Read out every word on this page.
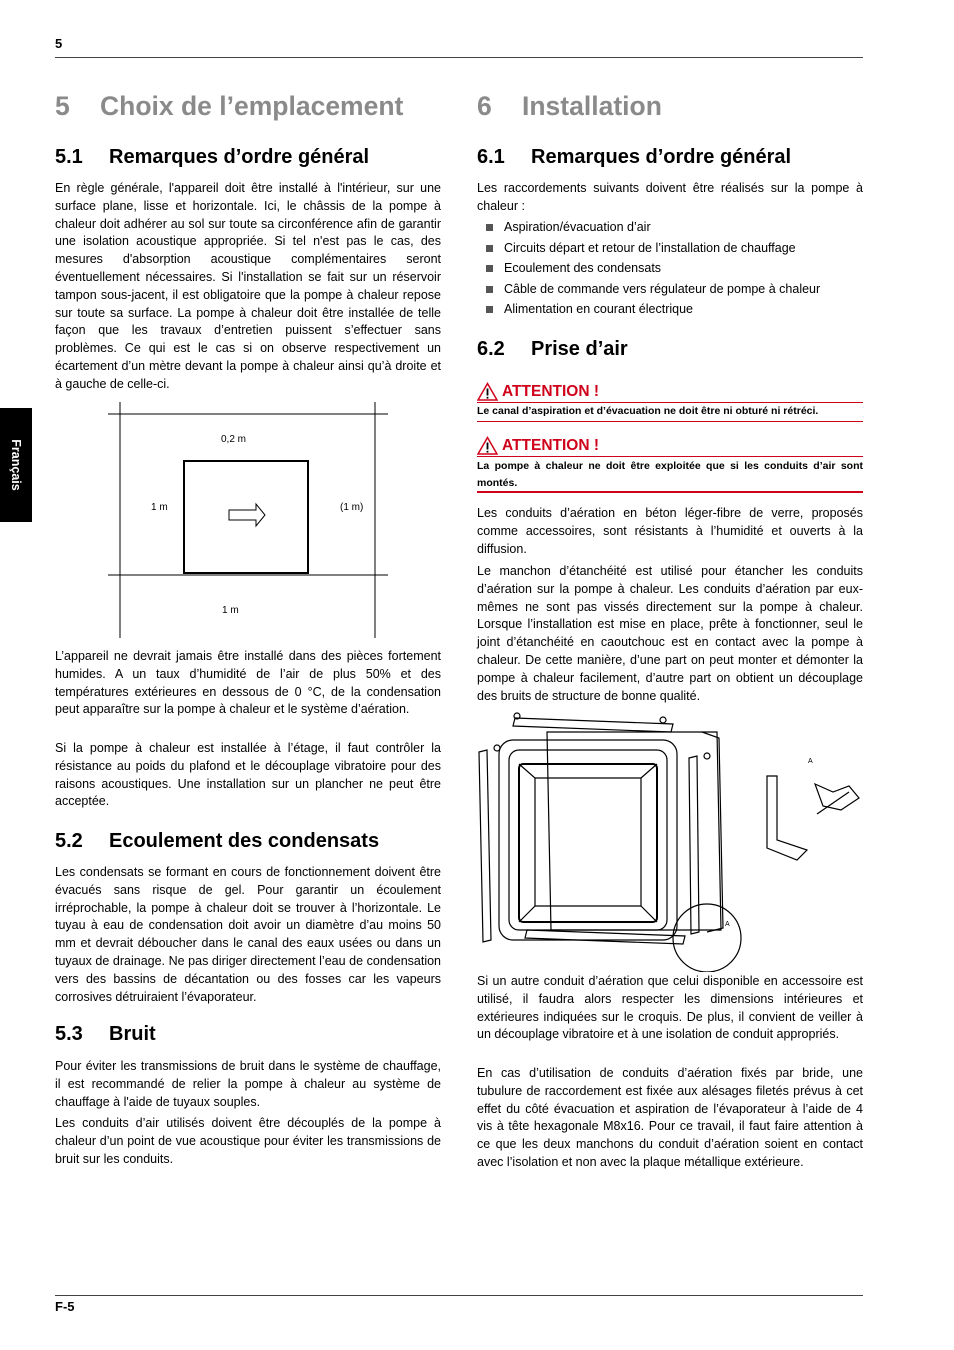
5
Français
F-5
5 Choix de l’emplacement
5.1 Remarques d’ordre général

En règle générale, l'appareil doit être installé à l'intérieur, sur une surface plane, lisse et horizontale. Ici, le châssis de la pompe à chaleur doit adhérer au sol sur toute sa circonférence afin de garantir une isolation acoustique appropriée. Si tel n'est pas le cas, des mesures d'absorption acoustique complémentaires seront éventuellement nécessaires. Si l'installation se fait sur un réservoir tampon sous-jacent, il est obligatoire que la pompe à chaleur repose sur toute sa surface. La pompe à chaleur doit être installée de telle façon que les travaux d’entretien puissent s’effectuer sans problèmes. Ce qui est le cas si on observe respectivement un écartement d’un mètre devant la pompe à chaleur ainsi qu’à droite et à gauche de celle-ci.

0,2 m
1 m	(1 m)
1 m

L’appareil ne devrait jamais être installé dans des pièces fortement humides. A un taux d’humidité de l’air de plus 50% et des températures extérieures en dessous de 0 °C, de la condensation peut apparaître sur la pompe à chaleur et le système d’aération.

Si la pompe à chaleur est installée à l’étage, il faut contrôler la résistance au poids du plafond et le découplage vibratoire pour des raisons acoustiques. Une installation sur un plancher ne peut être acceptée.

5.2 Ecoulement des condensats

Les condensats se formant en cours de fonctionnement doivent être évacués sans risque de gel. Pour garantir un écoulement irréprochable, la pompe à chaleur doit se trouver à l’horizontale. Le tuyau à eau de condensation doit avoir un diamètre d’au moins 50 mm et devrait déboucher dans le canal des eaux usées ou dans un tuyaux de drainage. Ne pas diriger directement l’eau de condensation vers des bassins de décantation ou des fosses car les vapeurs corrosives détruiraient l’évaporateur.

5.3 Bruit

Pour éviter les transmissions de bruit dans le système de chauffage, il est recommandé de relier la pompe à chaleur au système de chauffage à l'aide de tuyaux souples.

Les conduits d’air utilisés doivent être découplés de la pompe à chaleur d’un point de vue acoustique pour éviter les transmissions de bruit sur les conduits.

6 Installation
6.1 Remarques d’ordre général

Les raccordements suivants doivent être réalisés sur la pompe à chaleur :

Aspiration/évacuation d’air
Circuits départ et retour de l’installation de chauffage
Ecoulement des condensats
Câble de commande vers régulateur de pompe à chaleur
Alimentation en courant électrique
6.2 Prise d’air
ATTENTION !
Le canal d’aspiration et d’évacuation ne doit être ni obturé ni rétréci.
ATTENTION !
La pompe à chaleur ne doit être exploitée que si les conduits d’air sont montés.

Les conduits d’aération en béton léger-fibre de verre, proposés comme accessoires, sont résistants à l’humidité et ouverts à la diffusion.

Le manchon d’étanchéité est utilisé pour étancher les conduits d’aération sur la pompe à chaleur. Les conduits d’aération par eux-mêmes ne sont pas vissés directement sur la pompe à chaleur. Lorsque l’installation est mise en place, prête à fonctionner, seul le joint d’étanchéité en caoutchouc est en contact avec la pompe à chaleur. De cette manière, d’une part on peut monter et démonter la pompe à chaleur facilement, d’autre part on obtient un découplage des bruits de structure de bonne qualité.

A
A

Si un autre conduit d’aération que celui disponible en accessoire est utilisé, il faudra alors respecter les dimensions intérieures et extérieures indiquées sur le croquis. De plus, il convient de veiller à un découplage vibratoire et à une isolation de conduit appropriés.

En cas d’utilisation de conduits d’aération fixés par bride, une tubulure de raccordement est fixée aux alésages filetés prévus à cet effet du côté évacuation et aspiration de l’évaporateur à l’aide de 4 vis à tête hexagonale M8x16. Pour ce travail, il faut faire attention à ce que les deux manchons du conduit d’aération soient en contact avec l’isolation et non avec la plaque métallique extérieure.
